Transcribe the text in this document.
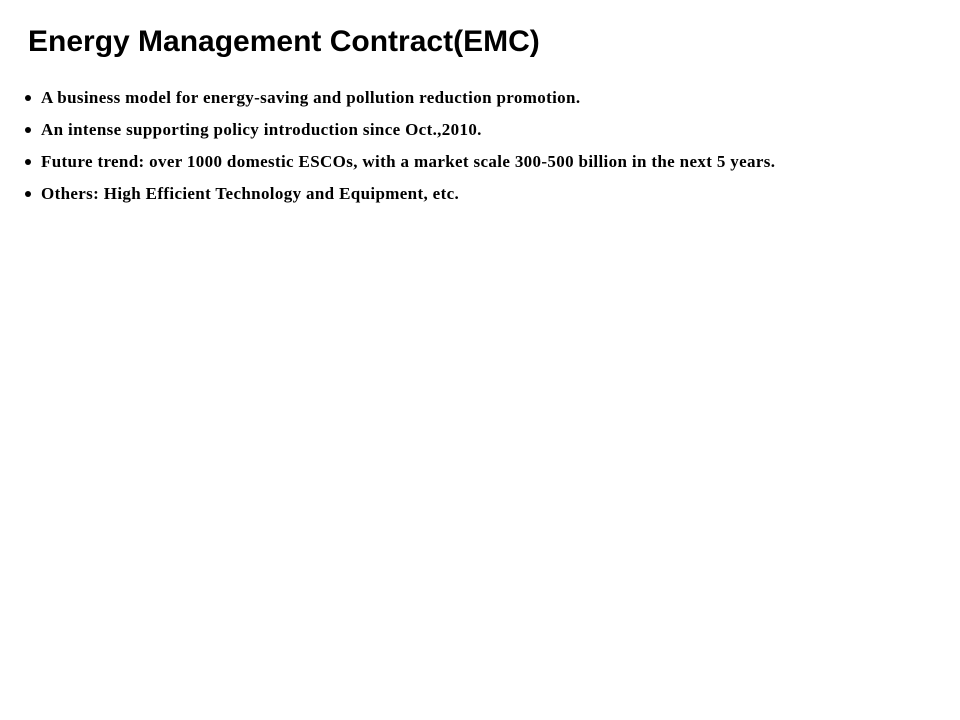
Energy Management Contract(EMC)
A business model for energy-saving and pollution reduction promotion.
An intense supporting policy introduction since Oct.,2010.
Future trend: over 1000 domestic ESCOs, with a market scale 300-500 billion in the next 5 years.
Others: High Efficient Technology and Equipment, etc.
